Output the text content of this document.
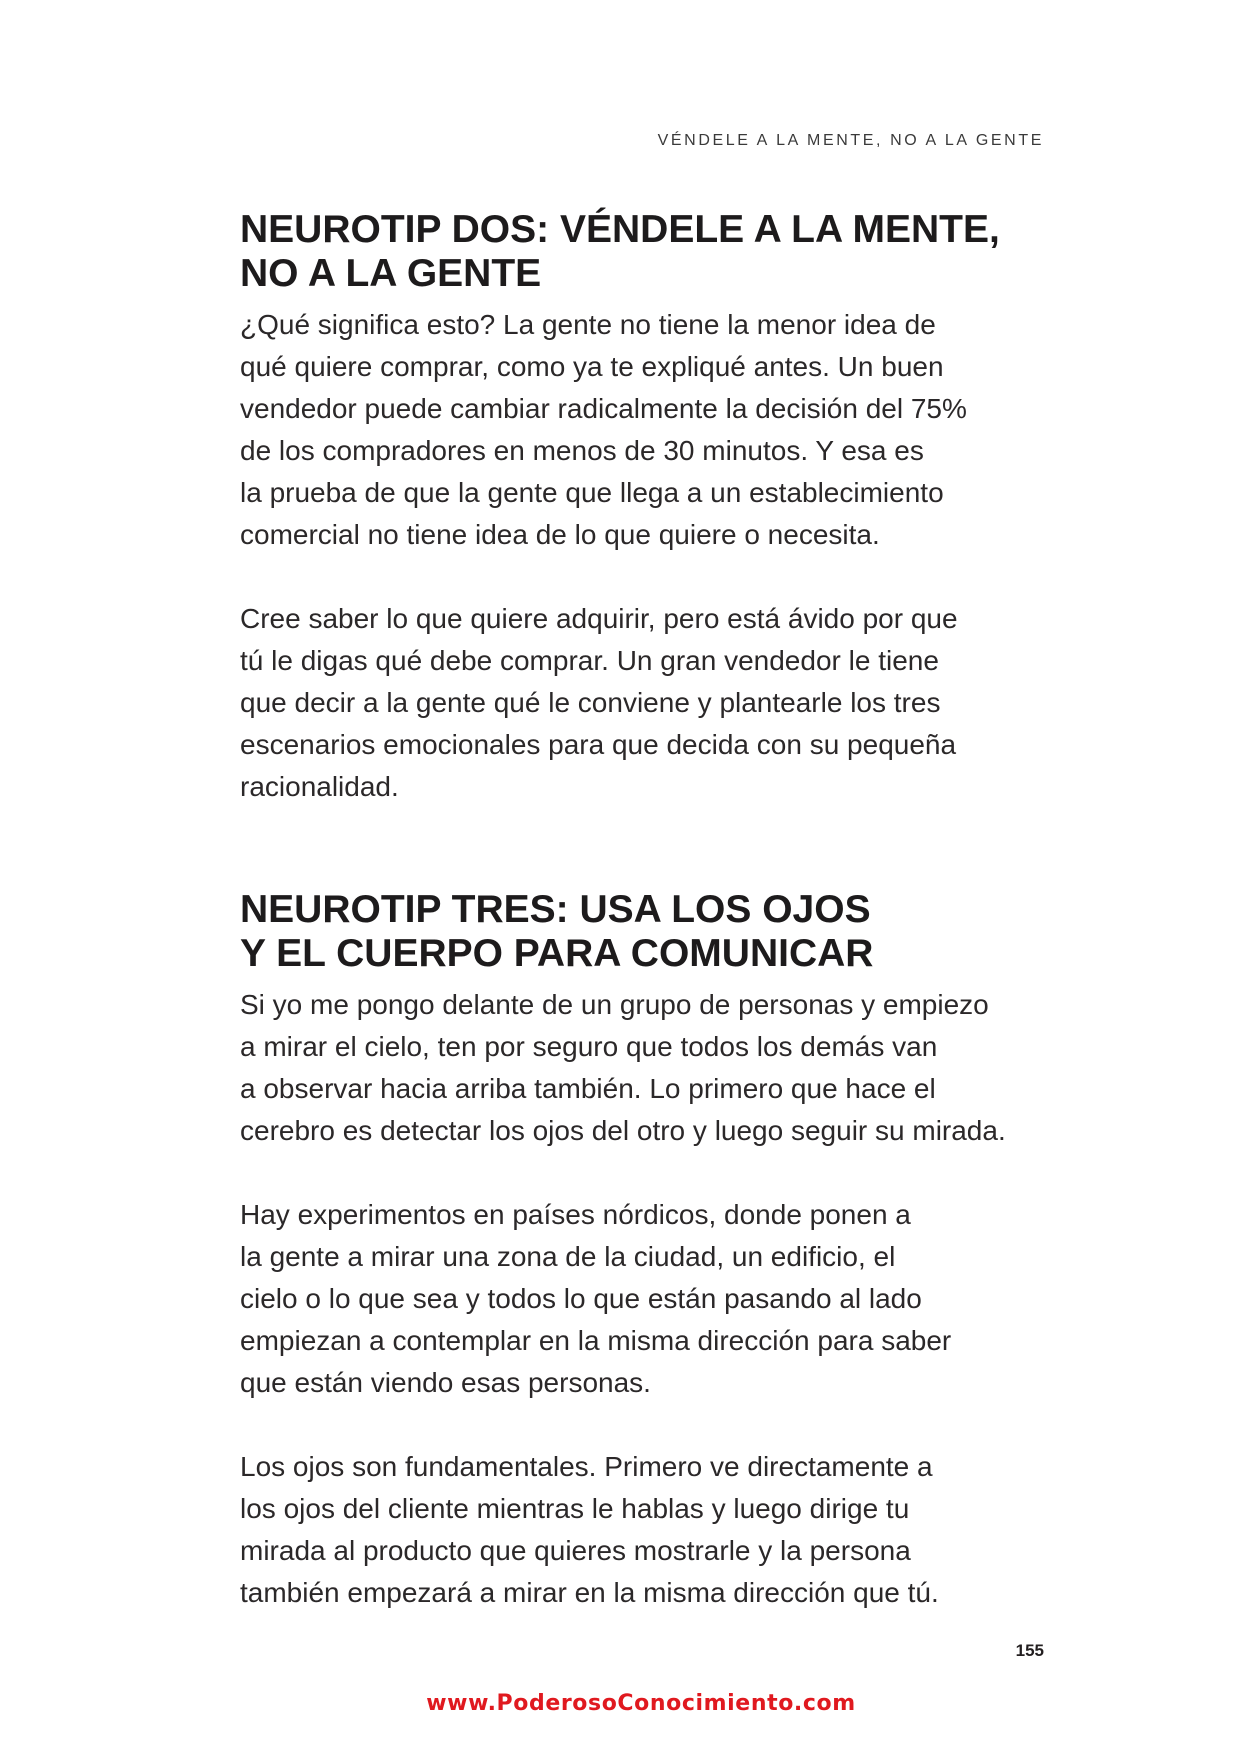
VÉNDELE A LA MENTE, NO A LA GENTE
NEUROTIP DOS: VÉNDELE A LA MENTE,
NO A LA GENTE
¿Qué significa esto? La gente no tiene la menor idea de
qué quiere comprar, como ya te expliqué antes. Un buen
vendedor puede cambiar radicalmente la decisión del 75%
de los compradores en menos de 30 minutos. Y esa es
la prueba de que la gente que llega a un establecimiento
comercial no tiene idea de lo que quiere o necesita.
Cree saber lo que quiere adquirir, pero está ávido por que
tú le digas qué debe comprar. Un gran vendedor le tiene
que decir a la gente qué le conviene y plantearle los tres
escenarios emocionales para que decida con su pequeña
racionalidad.
NEUROTIP TRES: USA LOS OJOS
Y EL CUERPO PARA COMUNICAR
Si yo me pongo delante de un grupo de personas y empiezo
a mirar el cielo, ten por seguro que todos los demás van
a observar hacia arriba también. Lo primero que hace el
cerebro es detectar los ojos del otro y luego seguir su mirada.
Hay experimentos en países nórdicos, donde ponen a
la gente a mirar una zona de la ciudad, un edificio, el
cielo o lo que sea y todos lo que están pasando al lado
empiezan a contemplar en la misma dirección para saber
que están viendo esas personas.
Los ojos son fundamentales. Primero ve directamente a
los ojos del cliente mientras le hablas y luego dirige tu
mirada al producto que quieres mostrarle y la persona
también empezará a mirar en la misma dirección que tú.
155
www.PoderosoConocimiento.com
